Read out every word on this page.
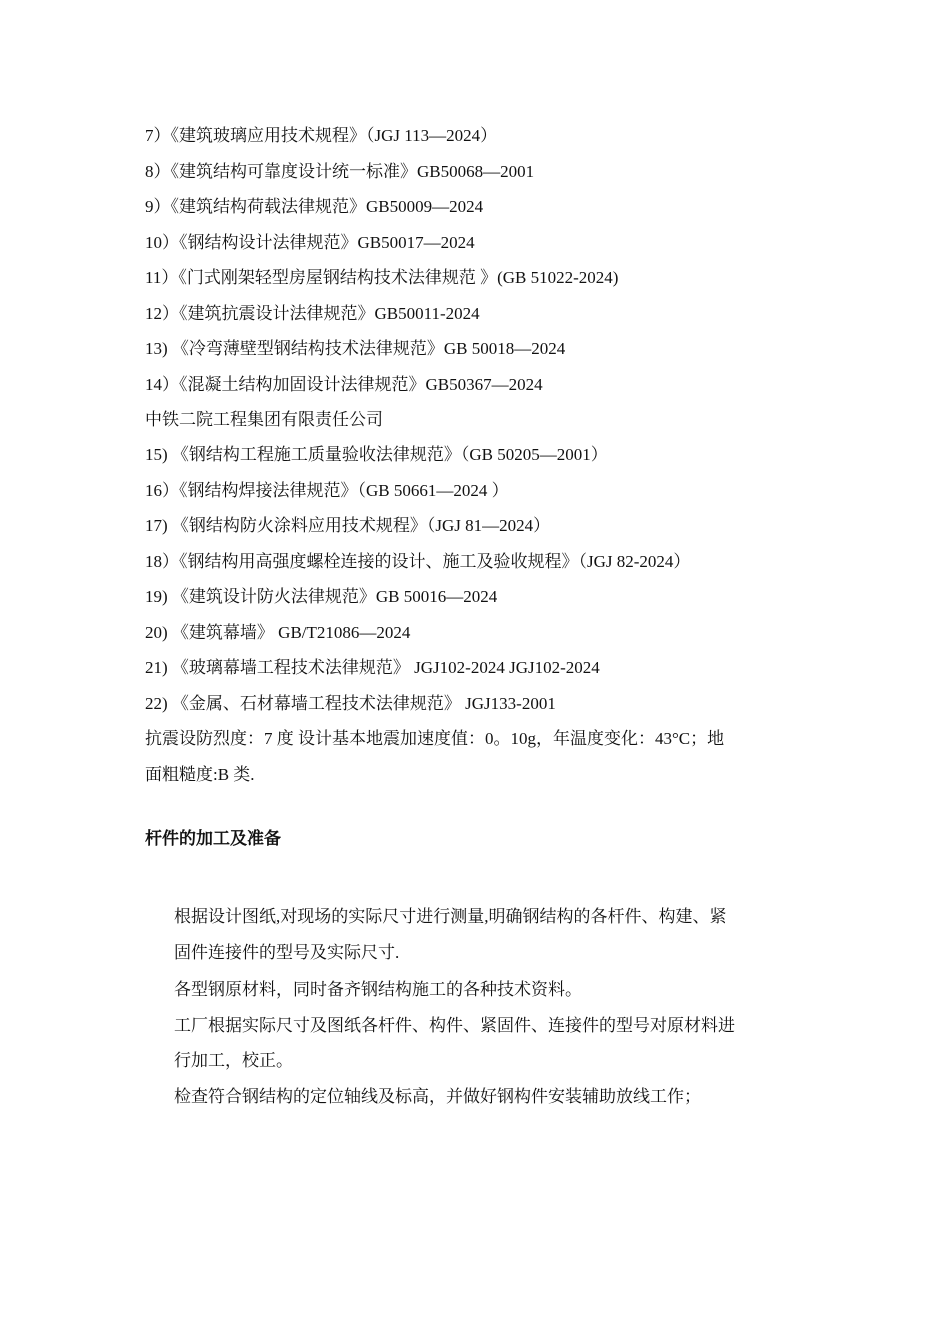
7）《建筑玻璃应用技术规程》（JGJ 113—2024）
8）《建筑结构可靠度设计统一标准》GB50068—2001
9）《建筑结构荷载法律规范》GB50009—2024
10）《钢结构设计法律规范》GB50017—2024
11）《门式刚架轻型房屋钢结构技术法律规范 》(GB 51022-2024)
12）《建筑抗震设计法律规范》GB50011-2024
13) 《冷弯薄壁型钢结构技术法律规范》GB 50018—2024
14）《混凝土结构加固设计法律规范》GB50367—2024
中铁二院工程集团有限责任公司
15) 《钢结构工程施工质量验收法律规范》（GB 50205—2001）
16）《钢结构焊接法律规范》（GB 50661—2024 ）
17) 《钢结构防火涂料应用技术规程》（JGJ 81—2024）
18）《钢结构用高强度螺栓连接的设计、施工及验收规程》（JGJ 82-2024）
19) 《建筑设计防火法律规范》GB 50016—2024
20) 《建筑幕墙》 GB/T21086—2024
21) 《玻璃幕墙工程技术法律规范》 JGJ102-2024 JGJ102-2024
22) 《金属、石材幕墙工程技术法律规范》 JGJ133-2001
抗震设防烈度：7 度 设计基本地震加速度值：0。10g，年温度变化：43°C；地
面粗糙度:B 类.
杆件的加工及准备
根据设计图纸,对现场的实际尺寸进行测量,明确钢结构的各杆件、构建、紧
固件连接件的型号及实际尺寸.
各型钢原材料，同时备齐钢结构施工的各种技术资料。
工厂根据实际尺寸及图纸各杆件、构件、紧固件、连接件的型号对原材料进
行加工，校正。
检查符合钢结构的定位轴线及标高，并做好钢构件安装辅助放线工作；
